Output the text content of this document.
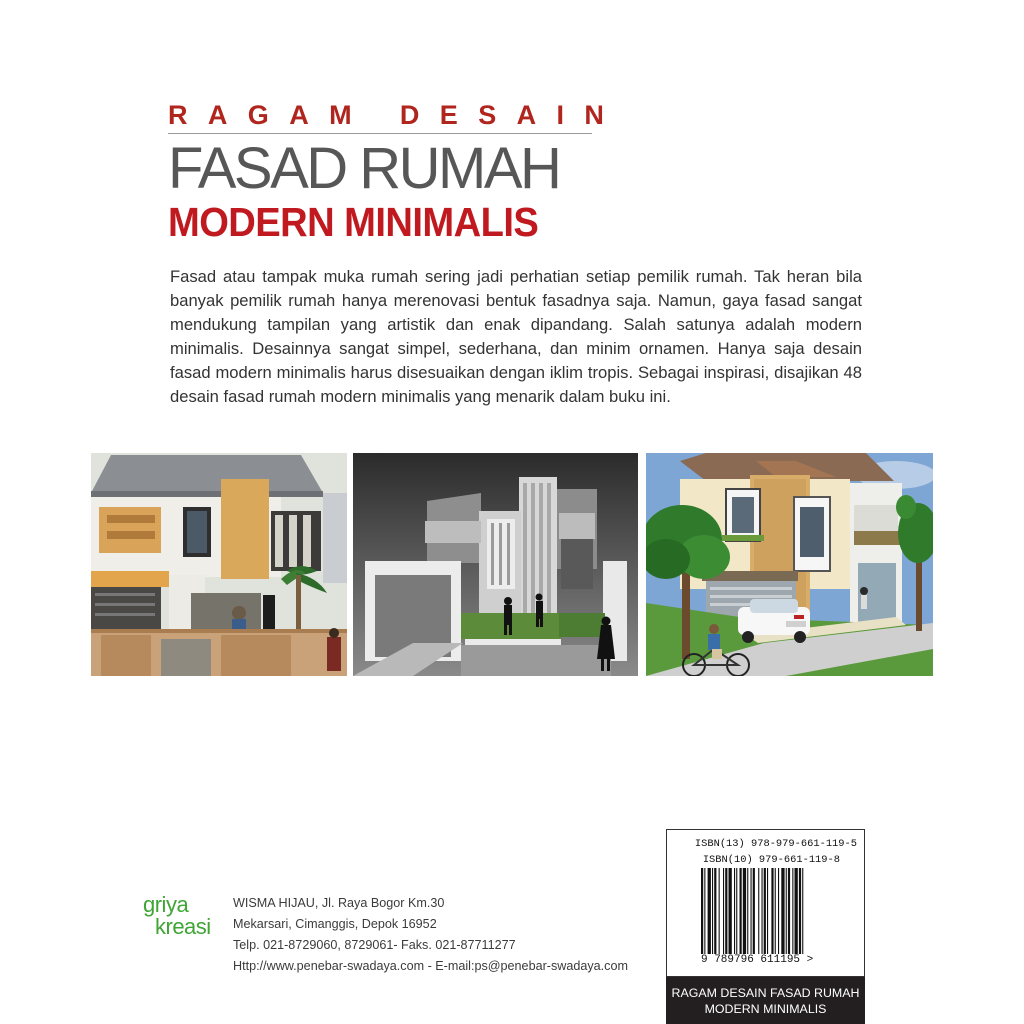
RAGAM DESAIN
FASAD RUMAH
MODERN MINIMALIS

Fasad atau tampak muka rumah sering jadi perhatian setiap pemilik rumah. Tak heran bila banyak pemilik rumah hanya merenovasi bentuk fasadnya saja. Namun, gaya fasad sangat mendukung tampilan yang artistik dan enak dipandang. Salah satunya adalah modern minimalis. Desainnya sangat simpel, sederhana, dan minim ornamen. Hanya saja desain fasad modern minimalis harus disesuaikan dengan iklim tropis. Sebagai inspirasi, disajikan 48 desain fasad rumah modern minimalis yang menarik dalam buku ini.

griya
kreasi
WISMA HIJAU, Jl. Raya Bogor Km.30
Mekarsari, Cimanggis, Depok 16952
Telp. 021-8729060, 8729061- Faks. 021-87711277
Http://www.penebar-swadaya.com - E-mail:ps@penebar-swadaya.com
ISBN(13) 978-979-661-119-5
ISBN(10) 979-661-119-8
9 789796 611195 >
RAGAM DESAIN FASAD RUMAH
MODERN MINIMALIS
